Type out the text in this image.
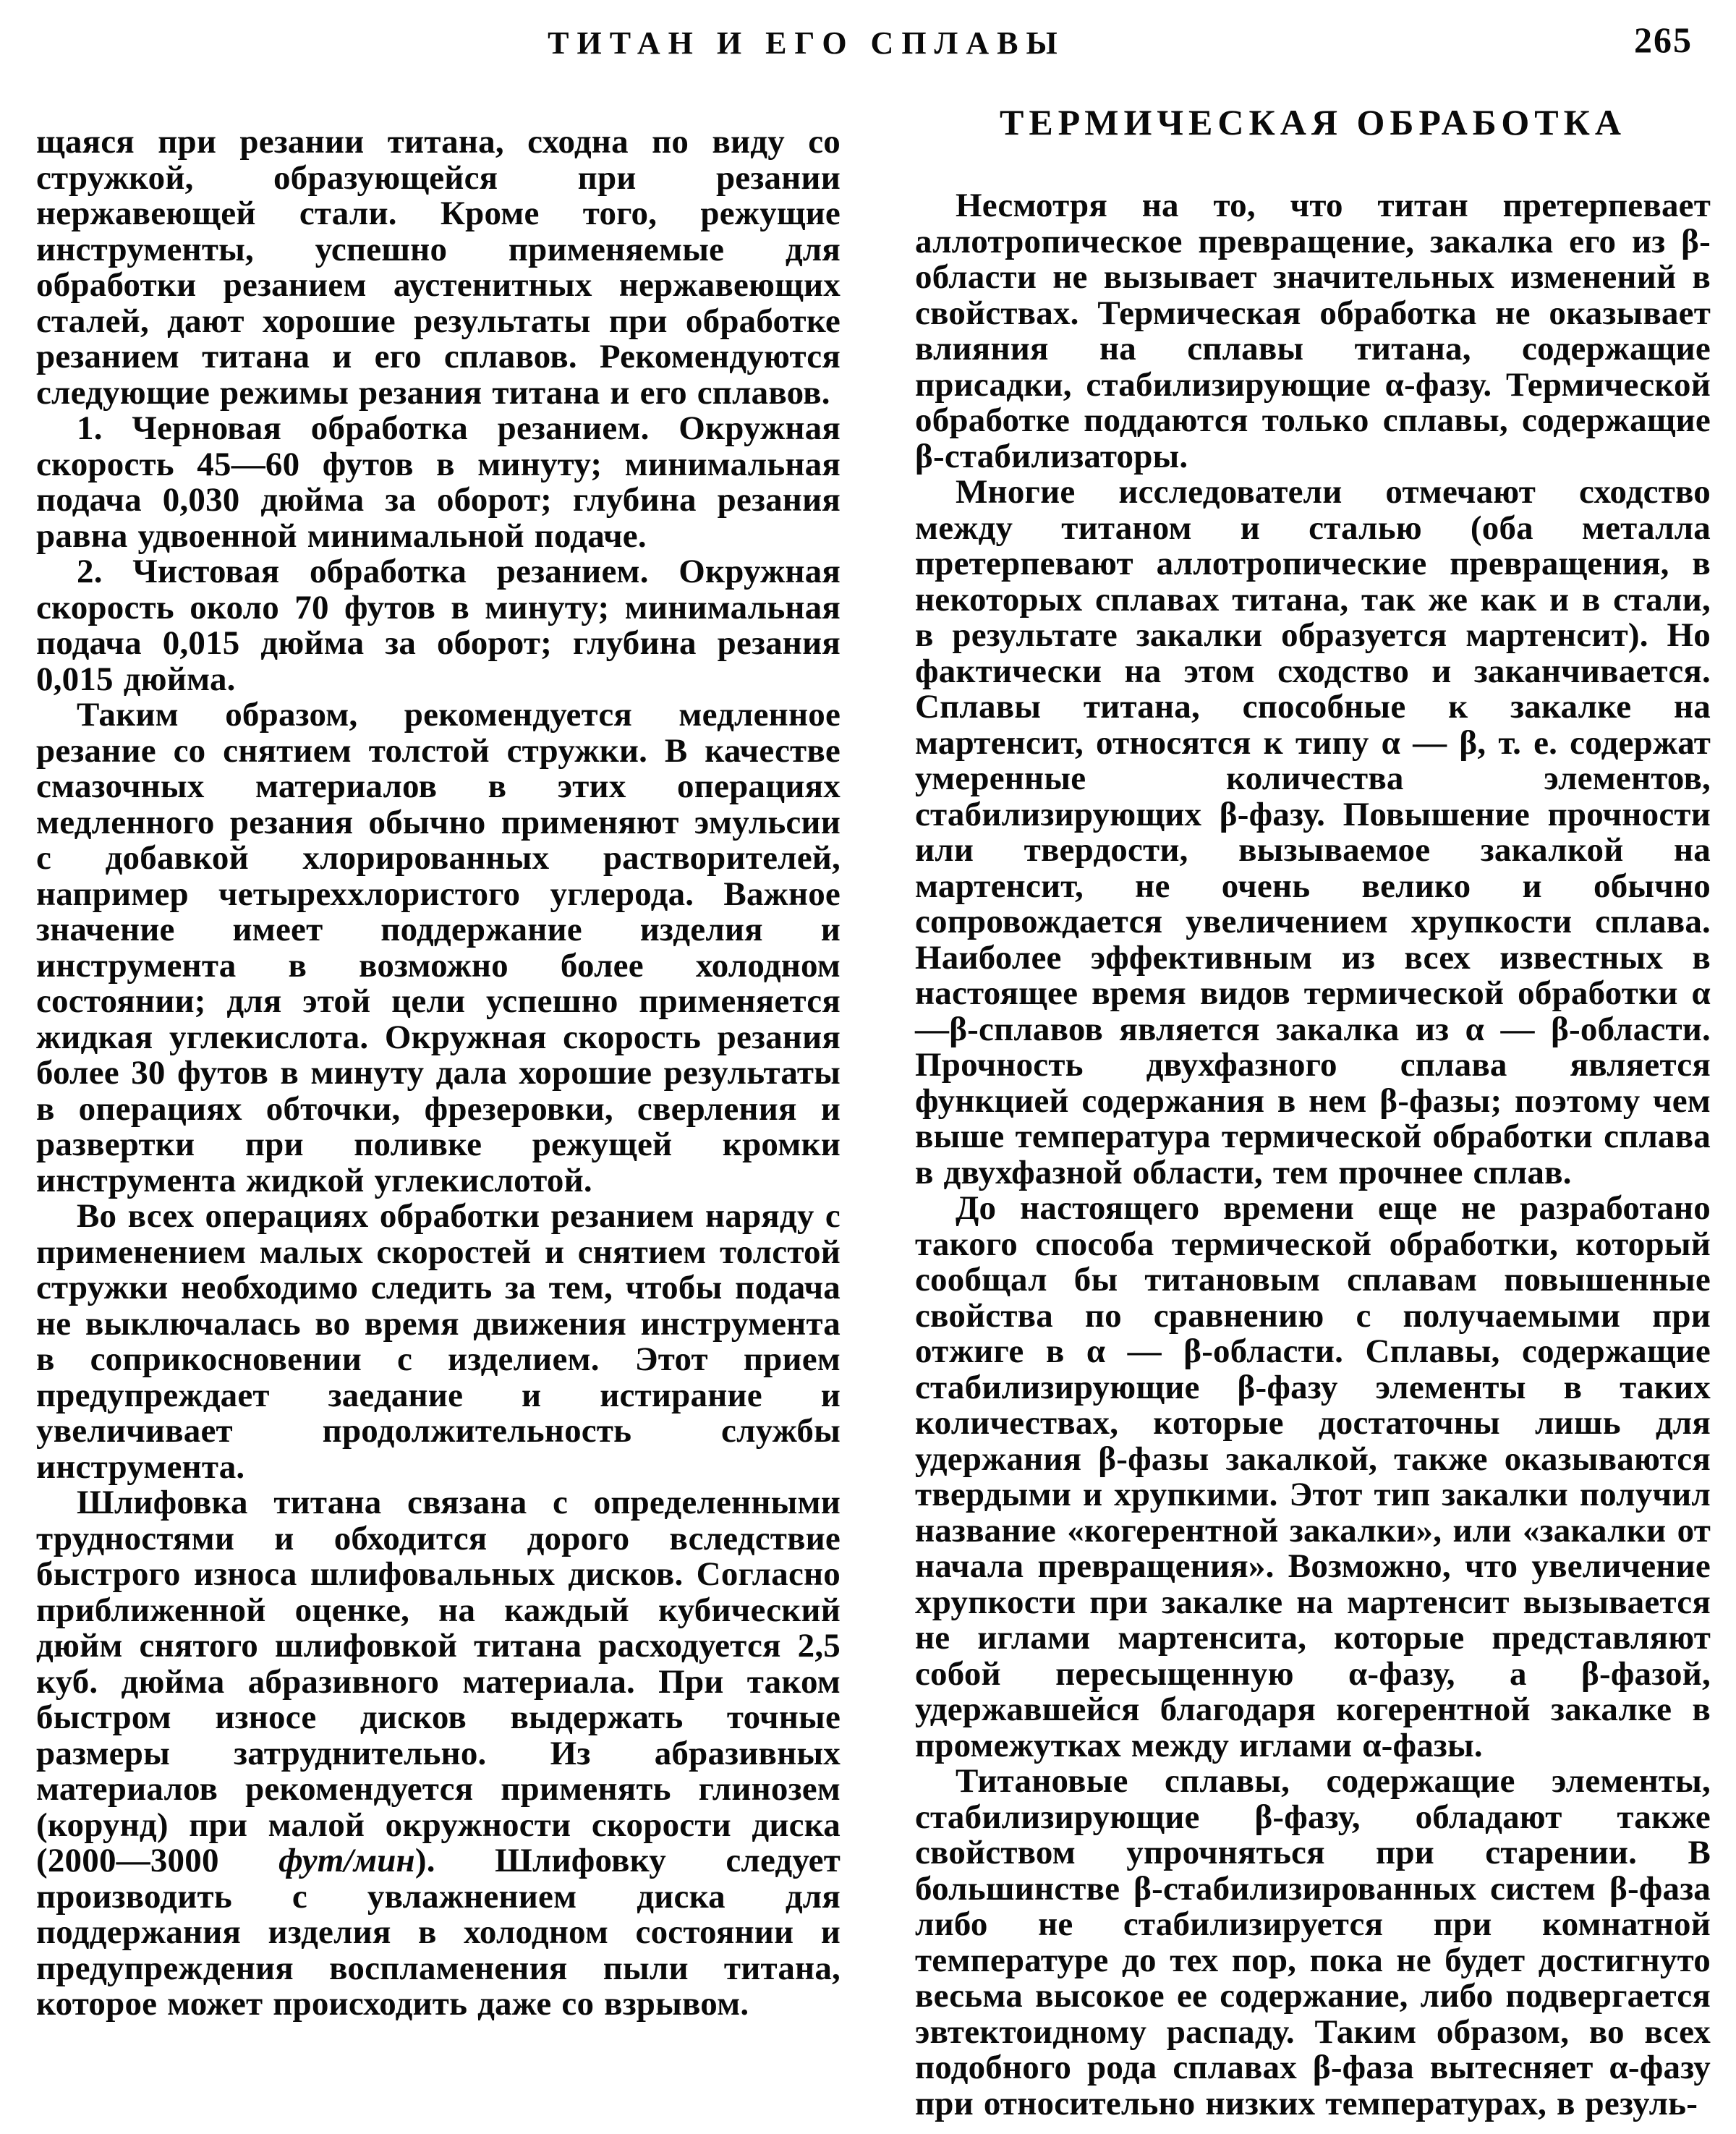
ТИТАН И ЕГО СПЛАВЫ	265

щаяся при резании титана, сходна по виду со стружкой, образующейся при резании нержавеющей стали. Кроме того, режущие инструменты, успешно применяемые для обработки резанием аустенитных нержавеющих сталей, дают хорошие результаты при обработке резанием титана и его сплавов. Рекомендуются следующие режимы резания титана и его сплавов.

1. Черновая обработка резанием. Окружная скорость 45—60 футов в минуту; минимальная подача 0,030 дюйма за оборот; глубина резания равна удвоенной минимальной подаче.

2. Чистовая обработка резанием. Окружная скорость около 70 футов в минуту; минимальная подача 0,015 дюйма за оборот; глубина резания 0,015 дюйма.

Таким образом, рекомендуется медленное резание со снятием толстой стружки. В качестве смазочных материалов в этих операциях медленного резания обычно применяют эмульсии с добавкой хлорированных растворителей, например четыреххлористого углерода. Важное значение имеет поддержание изделия и инструмента в возможно более холодном состоянии; для этой цели успешно применяется жидкая углекислота. Окружная скорость резания более 30 футов в минуту дала хорошие результаты в операциях обточки, фрезеровки, сверления и развертки при поливке режущей кромки инструмента жидкой углекислотой.

Во всех операциях обработки резанием наряду с применением малых скоростей и снятием толстой стружки необходимо следить за тем, чтобы подача не выключалась во время движения инструмента в соприкосновении с изделием. Этот прием предупреждает заедание и истирание и увеличивает продолжительность службы инструмента.

Шлифовка титана связана с определенными трудностями и обходится дорого вследствие быстрого износа шлифовальных дисков. Согласно приближенной оценке, на каждый кубический дюйм снятого шлифовкой титана расходуется 2,5 куб. дюйма абразивного материала. При таком быстром износе дисков выдержать точные размеры затруднительно. Из абразивных материалов рекомендуется применять глинозем (корунд) при малой окружности скорости диска (2000—3000 фут/мин). Шлифовку следует производить с увлажнением диска для поддержания изделия в холодном состоянии и предупреждения воспламенения пыли титана, которое может происходить даже со взрывом.

ТЕРМИЧЕСКАЯ ОБРАБОТКА

Несмотря на то, что титан претерпевает аллотропическое превращение, закалка его из β-области не вызывает значительных изменений в свойствах. Термическая обработка не оказывает влияния на сплавы титана, содержащие присадки, стабилизирующие α-фазу. Термической обработке поддаются только сплавы, содержащие β-стабилизаторы.

Многие исследователи отмечают сходство между титаном и сталью (оба металла претерпевают аллотропические превращения, в некоторых сплавах титана, так же как и в стали, в результате закалки образуется мартенсит). Но фактически на этом сходство и заканчивается. Сплавы титана, способные к закалке на мартенсит, относятся к типу α — β, т. е. содержат умеренные количества элементов, стабилизирующих β-фазу. Повышение прочности или твердости, вызываемое закалкой на мартенсит, не очень велико и обычно сопровождается увеличением хрупкости сплава. Наиболее эффективным из всех известных в настоящее время видов термической обработки α—β-сплавов является закалка из α — β-области. Прочность двухфазного сплава является функцией содержания в нем β-фазы; поэтому чем выше температура термической обработки сплава в двухфазной области, тем прочнее сплав.

До настоящего времени еще не разработано такого способа термической обработки, который сообщал бы титановым сплавам повышенные свойства по сравнению с получаемыми при отжиге в α — β-области. Сплавы, содержащие стабилизирующие β-фазу элементы в таких количествах, которые достаточны лишь для удержания β-фазы закалкой, также оказываются твердыми и хрупкими. Этот тип закалки получил название «когерентной закалки», или «закалки от начала превращения». Возможно, что увеличение хрупкости при закалке на мартенсит вызывается не иглами мартенсита, которые представляют собой пересыщенную α-фазу, а β-фазой, удержавшейся благодаря когерентной закалке в промежутках между иглами α-фазы.

Титановые сплавы, содержащие элементы, стабилизирующие β-фазу, обладают также свойством упрочняться при старении. В большинстве β-стабилизированных систем β-фаза либо не стабилизируется при комнатной температуре до тех пор, пока не будет достигнуто весьма высокое ее содержание, либо подвергается эвтектоидному распаду. Таким образом, во всех подобного рода сплавах β-фаза вытесняет α-фазу при относительно низких температурах, в резуль-
